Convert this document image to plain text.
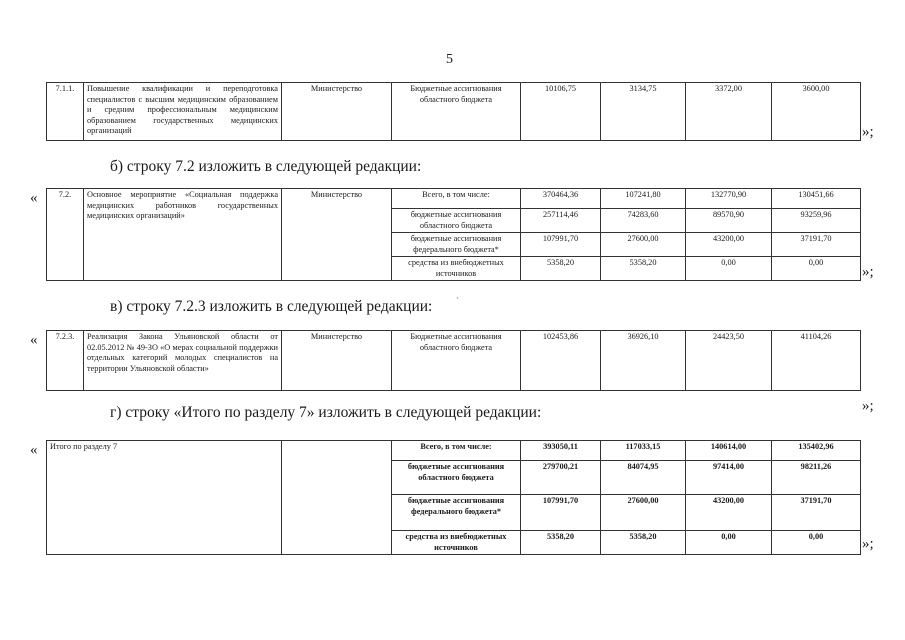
5
7.1.1.	Повышение квалификации и переподготовка специалистов с высшим медицинским образованием и средним профессиональным медицинским образованием государственных медицинских организаций	Министерство	Бюджетные ассигнования областного бюджета	10106,75	3134,75	3372,00	3600,00
»;
б) строку 7.2 изложить в следующей редакции:
«	7.2.	Основное мероприятие «Социальная поддержка медицинских работников государственных медицинских организаций»	Министерство	Всего, в том числе:	370464,36	107241,80	132770,90	130451,66
			бюджетные ассигнования областного бюджета	257114,46	74283,60	89570,90	93259,96
			бюджетные ассигнования федерального бюджета*	107991,70	27600,00	43200,00	37191,70
			средства из внебюджетных источников	5358,20	5358,20	0,00	0,00
»;
в) строку 7.2.3 изложить в следующей редакции:	ˋ
« 7.2.3.	Реализация Закона Ульяновской области от 02.05.2012 № 49-ЗО «О мерах социальной поддержки отдельных категорий молодых специалистов на территории Ульяновской области»	Министерство	Бюджетные ассигнования областного бюджета	102453,86	36926,10	24423,50	41104,26
»;
г) строку «Итого по разделу 7» изложить в следующей редакции:
« Итого по разделу 7		Всего, в том числе:	393050,11	117033,15	140614,00	135402,96
		бюджетные ассигнования областного бюджета	279700,21	84074,95	97414,00	98211,26
		бюджетные ассигнования федерального бюджета*	107991,70	27600,00	43200,00	37191,70
		средства из внебюджетных источников	5358,20	5358,20	0,00	0,00	»;
